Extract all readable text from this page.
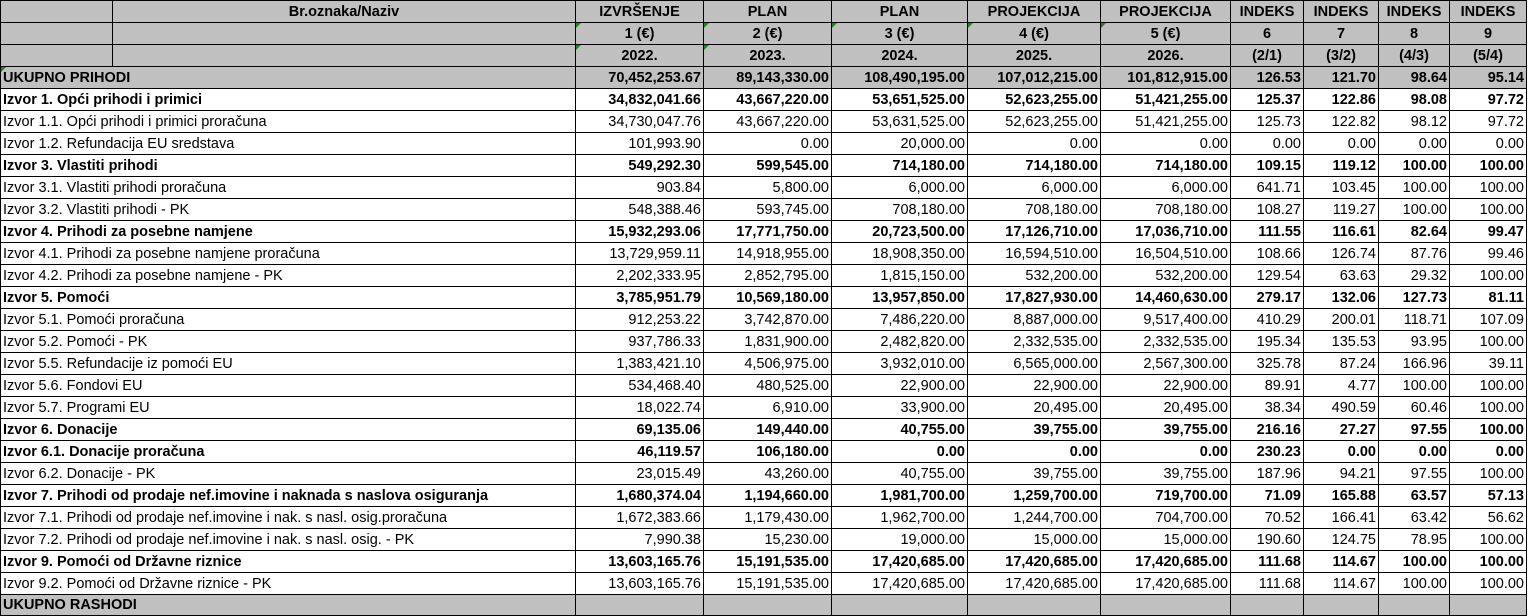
	Br.oznaka/Naziv	IZVRŠENJE	PLAN	PLAN	PROJEKCIJA	PROJEKCIJA	INDEKS	INDEKS	INDEKS	INDEKS
		1 (€)	2 (€)	3 (€)	4 (€)	5 (€)	6	7	8	9
		2022.	2023.	2024.	2025.	2026.	(2/1)	(3/2)	(4/3)	(5/4)
UKUPNO PRIHODI		70,452,253.67	89,143,330.00	108,490,195.00	107,012,215.00	101,812,915.00	126.53	121.70	98.64	95.14
Izvor 1. Opći prihodi i primici		34,832,041.66	43,667,220.00	53,651,525.00	52,623,255.00	51,421,255.00	125.37	122.86	98.08	97.72
Izvor 1.1. Opći prihodi i primici proračuna		34,730,047.76	43,667,220.00	53,631,525.00	52,623,255.00	51,421,255.00	125.73	122.82	98.12	97.72
Izvor 1.2. Refundacija EU sredstava		101,993.90	0.00	20,000.00	0.00	0.00	0.00	0.00	0.00	0.00
Izvor 3. Vlastiti prihodi		549,292.30	599,545.00	714,180.00	714,180.00	714,180.00	109.15	119.12	100.00	100.00
Izvor 3.1. Vlastiti prihodi proračuna		903.84	5,800.00	6,000.00	6,000.00	6,000.00	641.71	103.45	100.00	100.00
Izvor 3.2. Vlastiti prihodi - PK		548,388.46	593,745.00	708,180.00	708,180.00	708,180.00	108.27	119.27	100.00	100.00
Izvor 4. Prihodi za posebne namjene		15,932,293.06	17,771,750.00	20,723,500.00	17,126,710.00	17,036,710.00	111.55	116.61	82.64	99.47
Izvor 4.1. Prihodi za posebne namjene proračuna		13,729,959.11	14,918,955.00	18,908,350.00	16,594,510.00	16,504,510.00	108.66	126.74	87.76	99.46
Izvor 4.2. Prihodi za posebne namjene - PK		2,202,333.95	2,852,795.00	1,815,150.00	532,200.00	532,200.00	129.54	63.63	29.32	100.00
Izvor 5. Pomoći		3,785,951.79	10,569,180.00	13,957,850.00	17,827,930.00	14,460,630.00	279.17	132.06	127.73	81.11
Izvor 5.1. Pomoći proračuna		912,253.22	3,742,870.00	7,486,220.00	8,887,000.00	9,517,400.00	410.29	200.01	118.71	107.09
Izvor 5.2. Pomoći - PK		937,786.33	1,831,900.00	2,482,820.00	2,332,535.00	2,332,535.00	195.34	135.53	93.95	100.00
Izvor 5.5. Refundacije iz pomoći EU		1,383,421.10	4,506,975.00	3,932,010.00	6,565,000.00	2,567,300.00	325.78	87.24	166.96	39.11
Izvor 5.6. Fondovi EU		534,468.40	480,525.00	22,900.00	22,900.00	22,900.00	89.91	4.77	100.00	100.00
Izvor 5.7. Programi EU		18,022.74	6,910.00	33,900.00	20,495.00	20,495.00	38.34	490.59	60.46	100.00
Izvor 6. Donacije		69,135.06	149,440.00	40,755.00	39,755.00	39,755.00	216.16	27.27	97.55	100.00
Izvor 6.1. Donacije proračuna		46,119.57	106,180.00	0.00	0.00	0.00	230.23	0.00	0.00	0.00
Izvor 6.2. Donacije - PK		23,015.49	43,260.00	40,755.00	39,755.00	39,755.00	187.96	94.21	97.55	100.00
Izvor 7. Prihodi od prodaje nef.imovine i naknada s naslova osiguranja		1,680,374.04	1,194,660.00	1,981,700.00	1,259,700.00	719,700.00	71.09	165.88	63.57	57.13
Izvor 7.1. Prihodi od prodaje nef.imovine i nak. s nasl. osig.proračuna		1,672,383.66	1,179,430.00	1,962,700.00	1,244,700.00	704,700.00	70.52	166.41	63.42	56.62
Izvor 7.2. Prihodi od prodaje nef.imovine i nak. s nasl. osig. - PK		7,990.38	15,230.00	19,000.00	15,000.00	15,000.00	190.60	124.75	78.95	100.00
Izvor 9. Pomoći od Državne riznice		13,603,165.76	15,191,535.00	17,420,685.00	17,420,685.00	17,420,685.00	111.68	114.67	100.00	100.00
Izvor 9.2. Pomoći od Državne riznice - PK		13,603,165.76	15,191,535.00	17,420,685.00	17,420,685.00	17,420,685.00	111.68	114.67	100.00	100.00
UKUPNO RASHODI										
